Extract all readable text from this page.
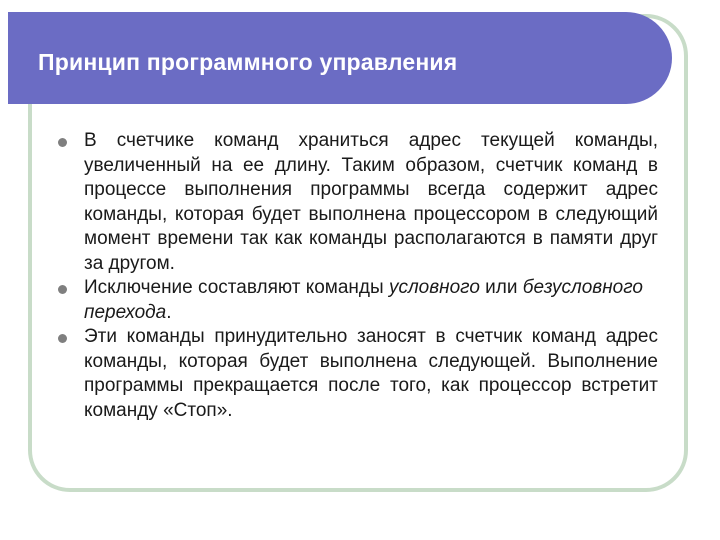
Принцип программного управления

В счетчике команд храниться адрес текущей команды, увеличенный на ее длину. Таким образом, счетчик команд в процессе выполнения программы всегда содержит адрес команды, которая будет выполнена процессором в следующий момент времени так как команды располагаются в памяти друг за другом.

Исключение составляют команды условного или безусловного перехода.

Эти команды принудительно заносят в счетчик команд адрес команды, которая будет выполнена следующей. Выполнение программы прекращается после того, как процессор встретит команду «Стоп».
